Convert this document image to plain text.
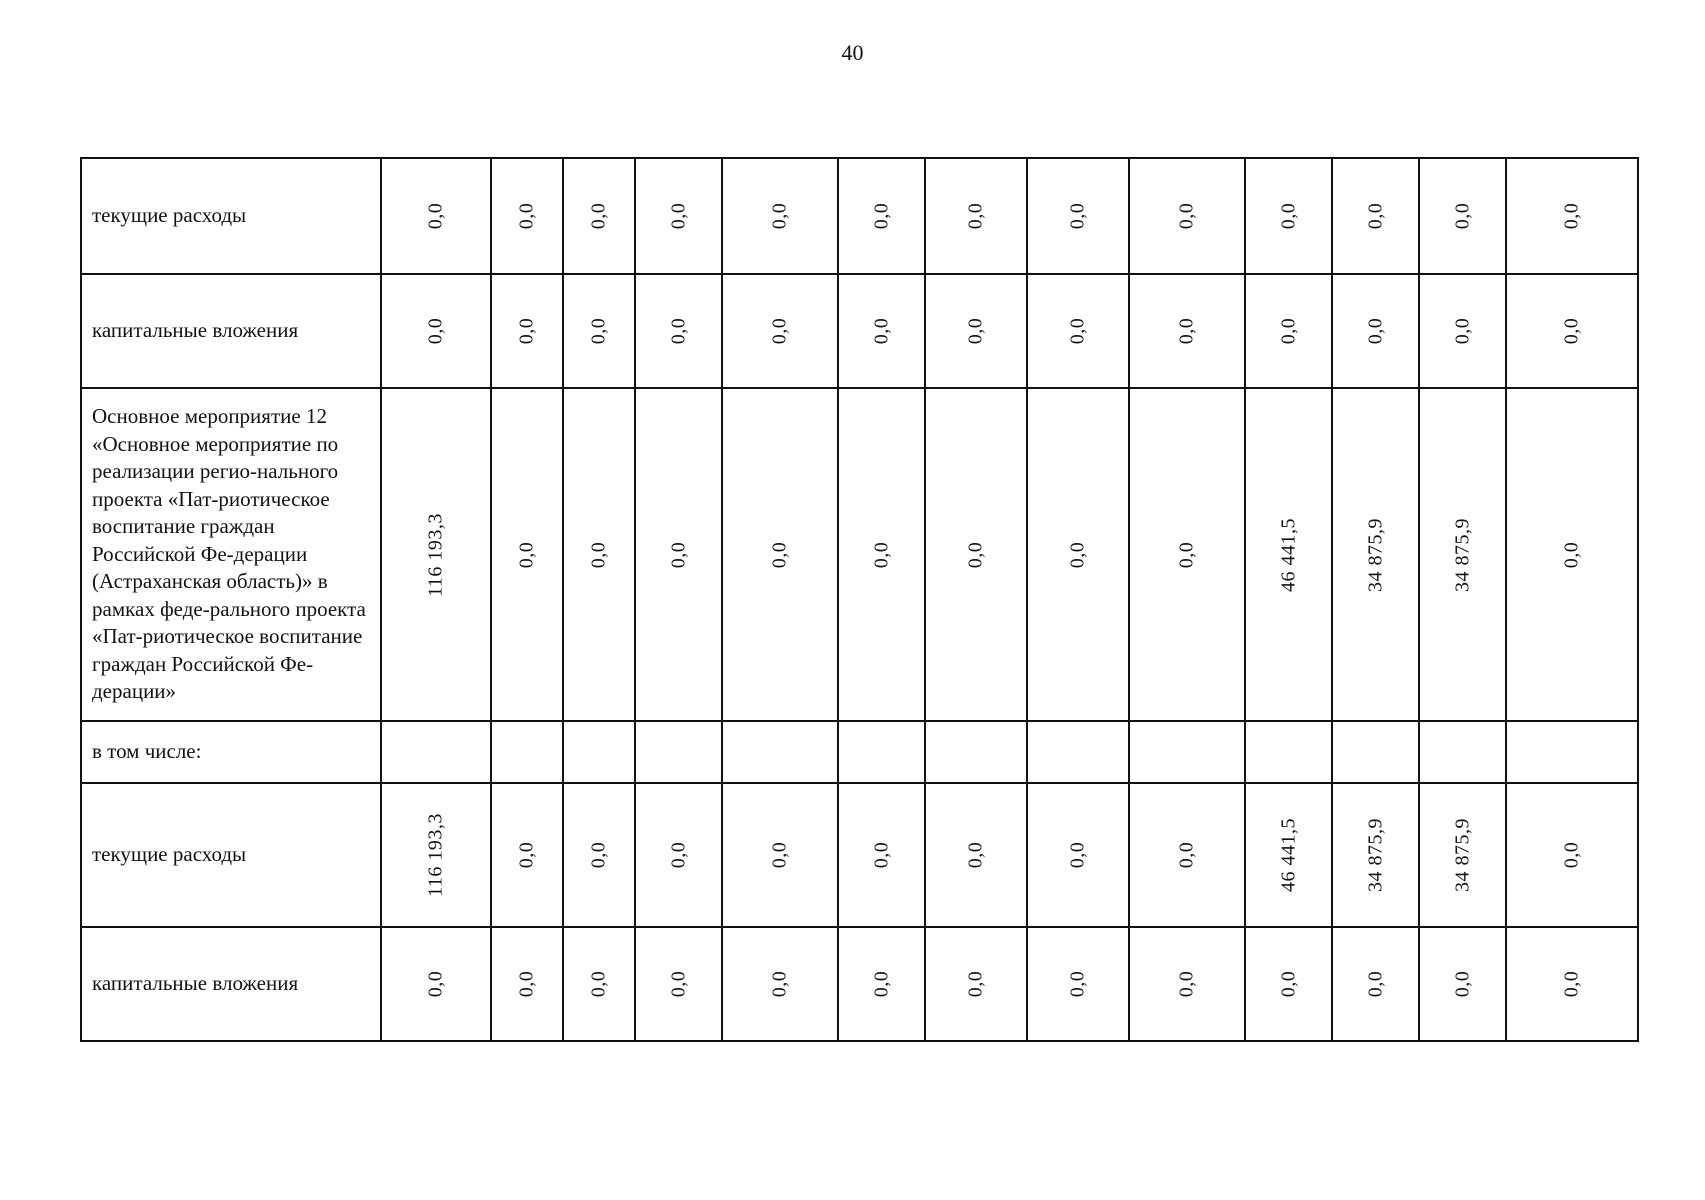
40
текущие расходы	0,0	0,0	0,0	0,0	0,0	0,0	0,0	0,0	0,0	0,0	0,0	0,0	0,0

капитальные вложения	0,0	0,0	0,0	0,0	0,0	0,0	0,0	0,0	0,0	0,0	0,0	0,0	0,0

Основное мероприятие 12 «Основное мероприятие по реализации регио-нального проекта «Пат-риотическое воспитание граждан Российской Фе-дерации (Астраханская область)» в рамках феде-рального проекта «Пат-риотическое воспитание граждан Российской Фе-дерации»	116 193,3	0,0	0,0	0,0	0,0	0,0	0,0	0,0	0,0	46 441,5	34 875,9	34 875,9	0,0

в том числе:	

текущие расходы	116 193,3	0,0	0,0	0,0	0,0	0,0	0,0	0,0	0,0	46 441,5	34 875,9	34 875,9	0,0

капитальные вложения	0,0	0,0	0,0	0,0	0,0	0,0	0,0	0,0	0,0	0,0	0,0	0,0	0,0
